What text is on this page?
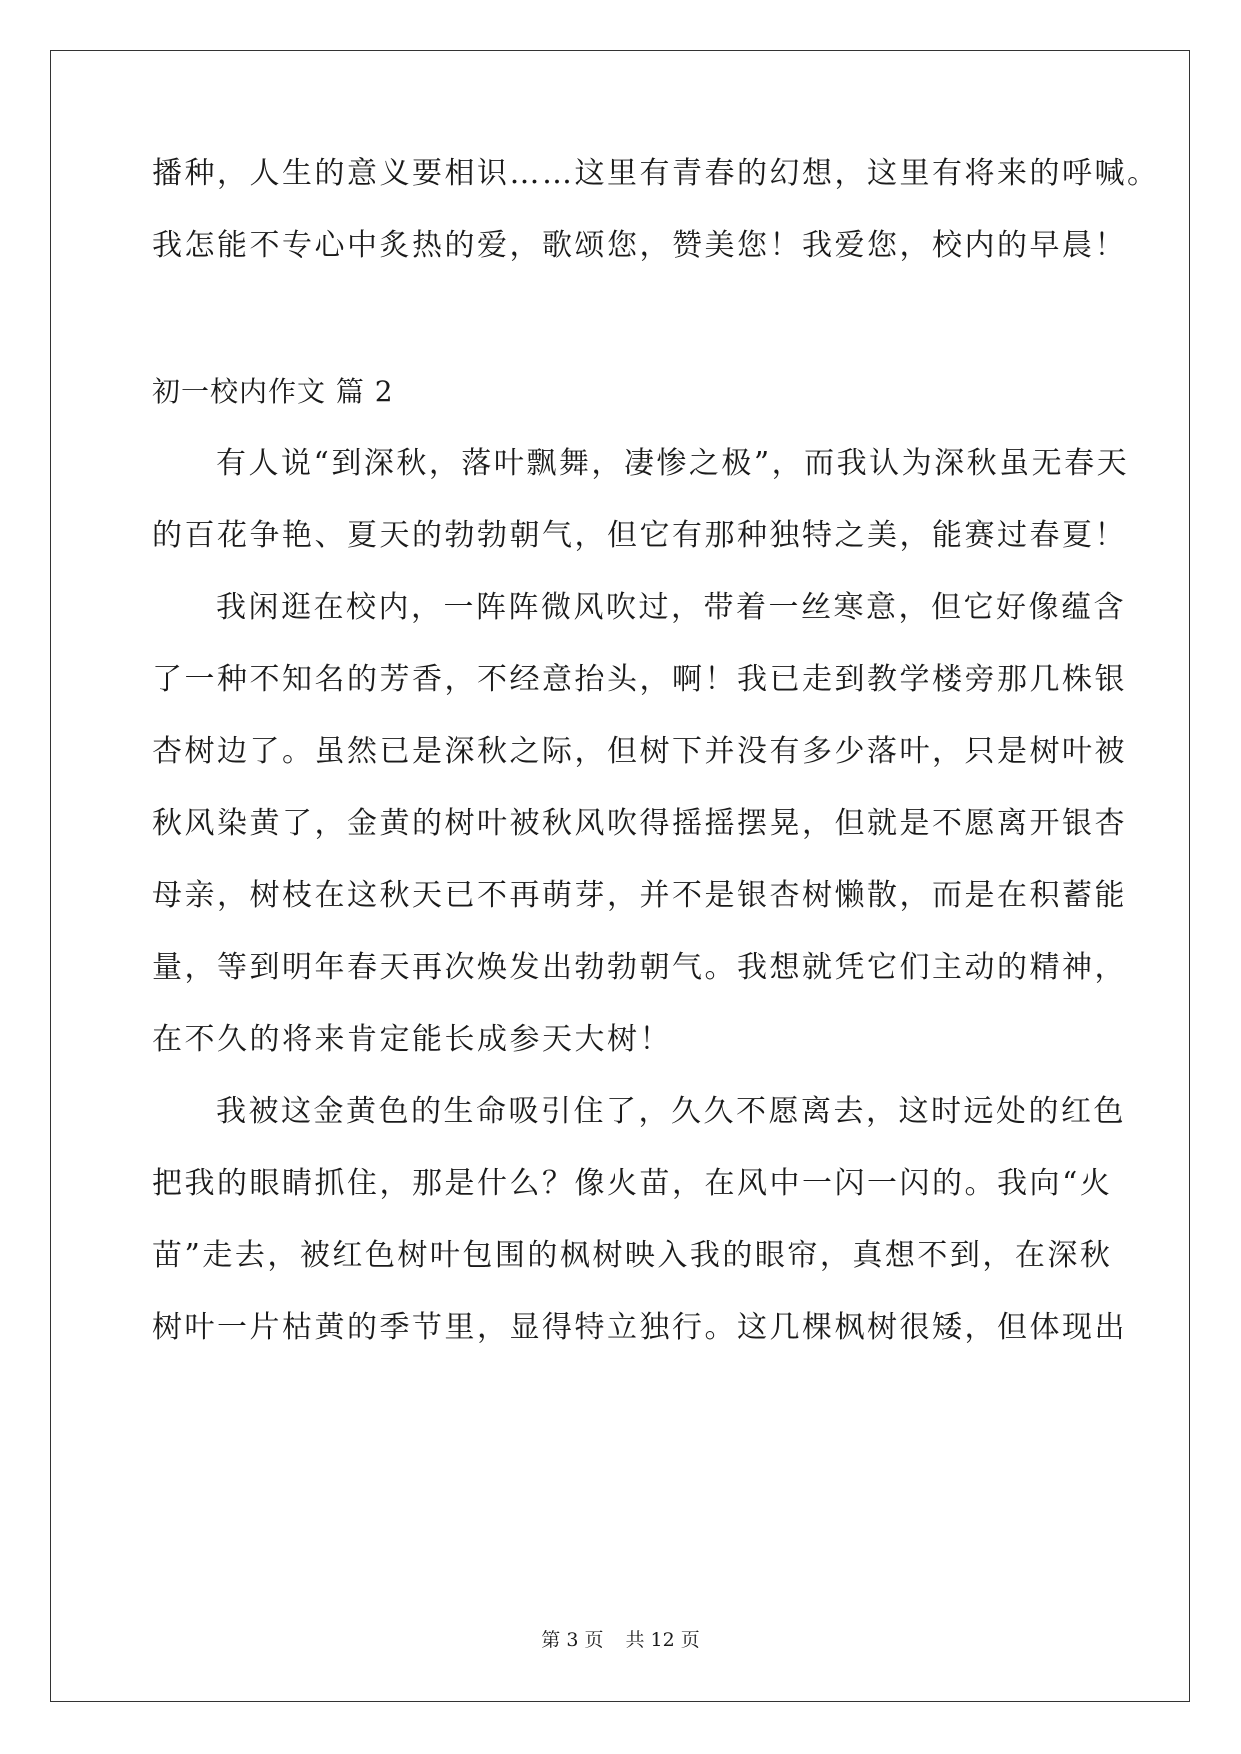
播种，人生的意义要相识……这里有青春的幻想，这里有将来的呼喊。
我怎能不专心中炙热的爱，歌颂您，赞美您！我爱您，校内的早晨！
初一校内作文 篇 2
有人说“到深秋，落叶飘舞，凄惨之极”，而我认为深秋虽无春天
的百花争艳、夏天的勃勃朝气，但它有那种独特之美，能赛过春夏！
我闲逛在校内，一阵阵微风吹过，带着一丝寒意，但它好像蕴含
了一种不知名的芳香，不经意抬头，啊！我已走到教学楼旁那几株银
杏树边了。虽然已是深秋之际，但树下并没有多少落叶，只是树叶被
秋风染黄了，金黄的树叶被秋风吹得摇摇摆晃，但就是不愿离开银杏
母亲，树枝在这秋天已不再萌芽，并不是银杏树懒散，而是在积蓄能
量，等到明年春天再次焕发出勃勃朝气。我想就凭它们主动的精神，
在不久的将来肯定能长成参天大树！
我被这金黄色的生命吸引住了，久久不愿离去，这时远处的红色
把我的眼睛抓住，那是什么？像火苗，在风中一闪一闪的。我向“火
苗”走去，被红色树叶包围的枫树映入我的眼帘，真想不到，在深秋
树叶一片枯黄的季节里，显得特立独行。这几棵枫树很矮，但体现出
第 3 页 共 12 页
